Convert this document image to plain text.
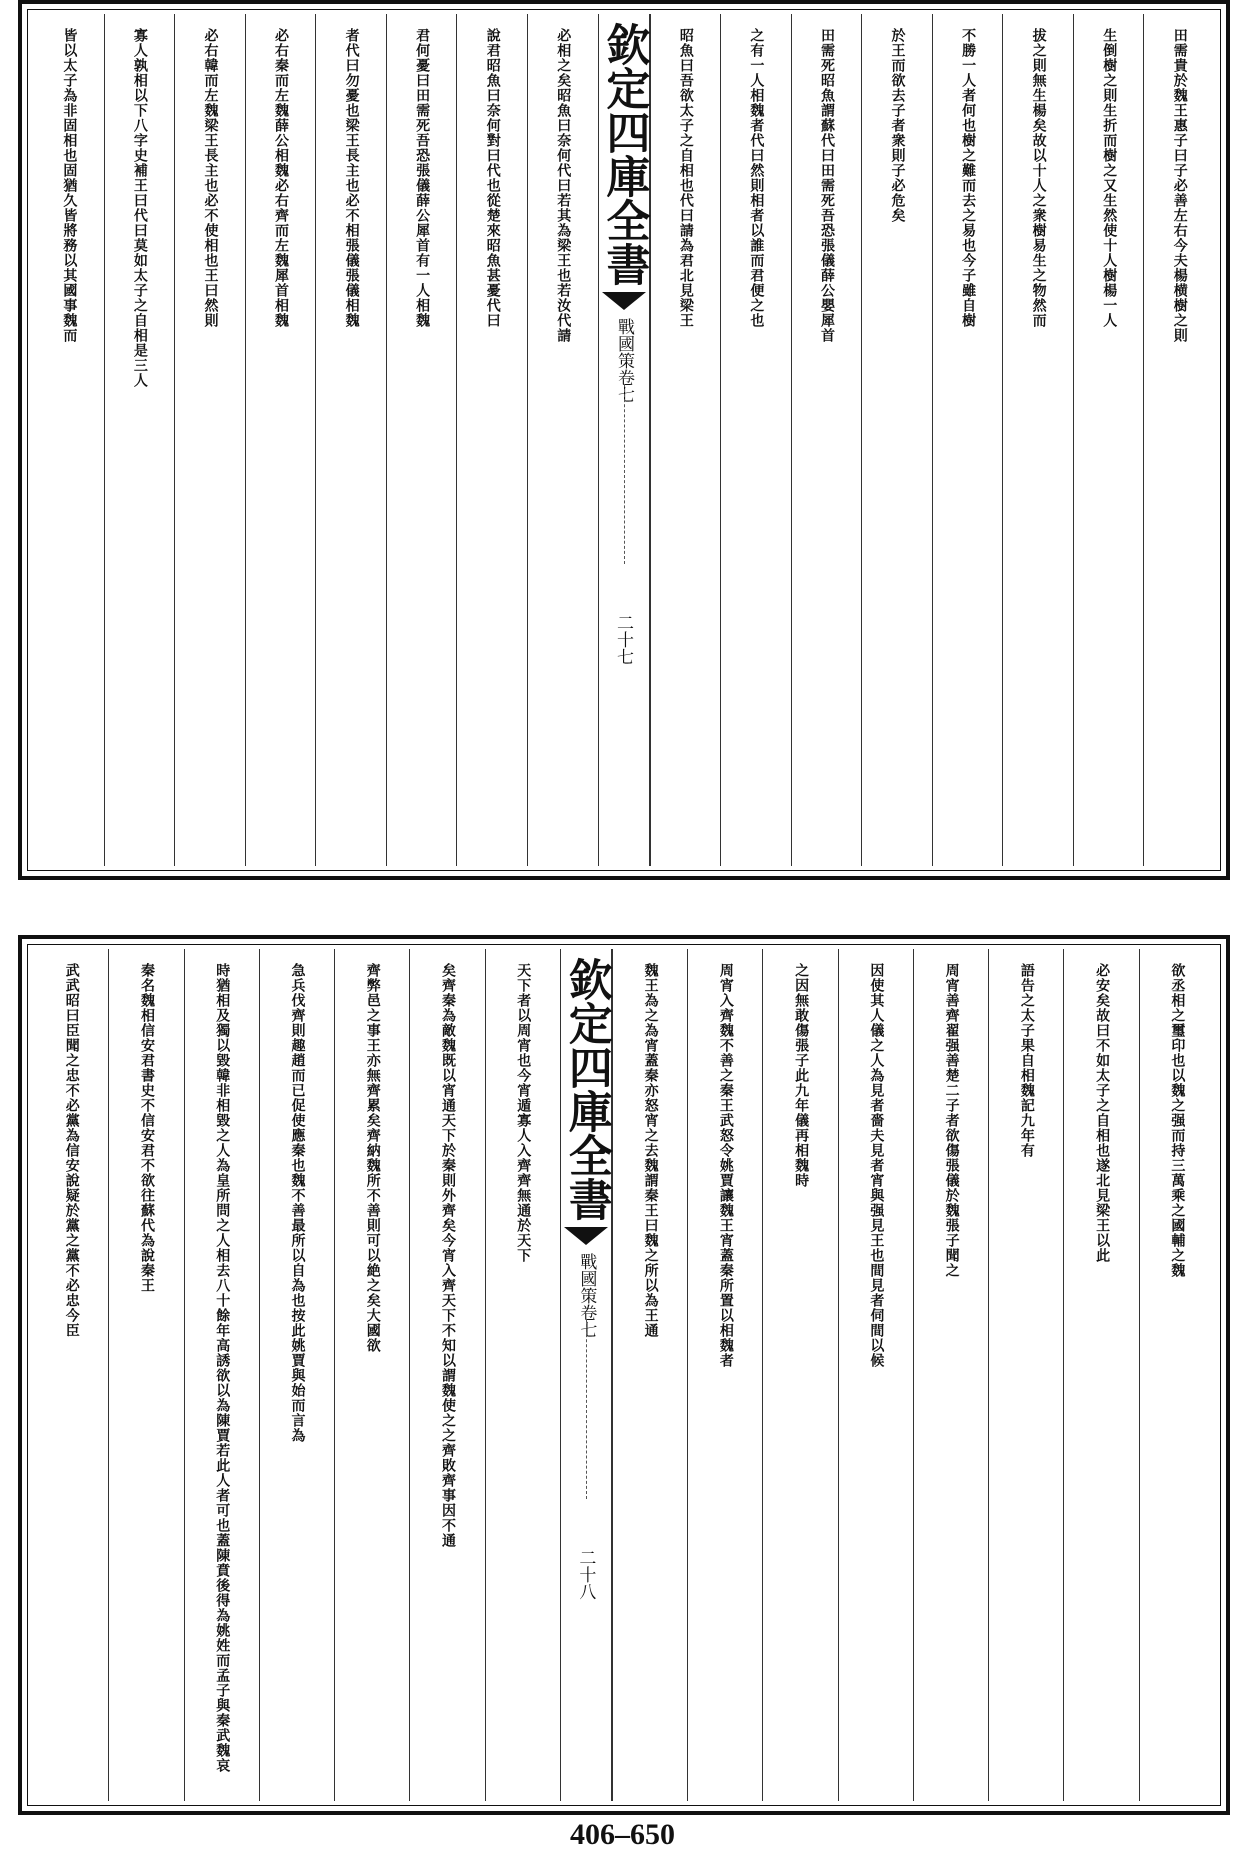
田需貴於魏王惠子曰子必善左右今夫楊横樹之則
生倒樹之則生折而樹之又生然使十人樹楊一人
拔之則無生楊矣故以十人之衆樹易生之物然而
不勝一人者何也樹之難而去之易也今子雖自樹
於王而欲去子者衆則子必危矣
田需死昭魚謂蘇代曰田需死吾恐張儀薛公嬰犀首
之有一人相魏者代曰然則相者以誰而君便之也
昭魚曰吾欲太子之自相也代曰請為君北見梁王
欽定四庫全書
戰國策卷七
二十七
必相之矣昭魚曰奈何代曰若其為梁王也若汝代請
說君昭魚曰奈何對曰代也從楚來昭魚甚憂代曰
君何憂曰田需死吾恐張儀薛公犀首有一人相魏
者代曰勿憂也梁王長主也必不相張儀張儀相魏
必右秦而左魏薛公相魏必右齊而左魏犀首相魏
必右韓而左魏梁王長主也必不使相也王曰然則
寡人孰相以下八字史補王曰代曰莫如太子之自相是三人
皆以太子為非固相也固猶久皆將務以其國事魏而
欲丞相之璽印也以魏之强而持三萬乘之國輔之魏
必安矣故曰不如太子之自相也遂北見梁王以此
語告之太子果自相魏記九年有
周宵善齊翟强善楚二子者欲傷張儀於魏張子聞之
因使其人儀之人為見者嗇夫見者宵與强見王也間見者伺間以候
之因無敢傷張子此九年儀再相魏時
周宵入齊魏不善之秦王武怒令姚賈讓魏王宵蓋秦所置以相魏者
魏王為之為宵蓋秦亦怒宵之去魏謂秦王曰魏之所以為王通
欽定四庫全書
戰國策卷七
二十八
天下者以周宵也今宵遁寡人入齊齊無通於天下
矣齊秦為敵魏既以宵通天下於秦則外齊矣今宵入齊天下不知以謂魏使之之齊敗齊事因不通
齊弊邑之事王亦無齊累矣齊納魏所不善則可以絶之矣大國欲
急兵伐齊則趣趙而已促使應秦也魏不善最所以自為也按此姚賈與始而言為
時猶相及獨以毀韓非相毀之人為皇所問之人相去八十餘年高誘欲以為陳賈若此人者可也蓋陳賁後得為姚姓而孟子與秦武魏哀
秦名魏相信安君書史不信安君不欲往蘇代為說秦王
武武昭曰臣聞之忠不必黨為信安說疑於黨之黨不必忠今臣
406–650
